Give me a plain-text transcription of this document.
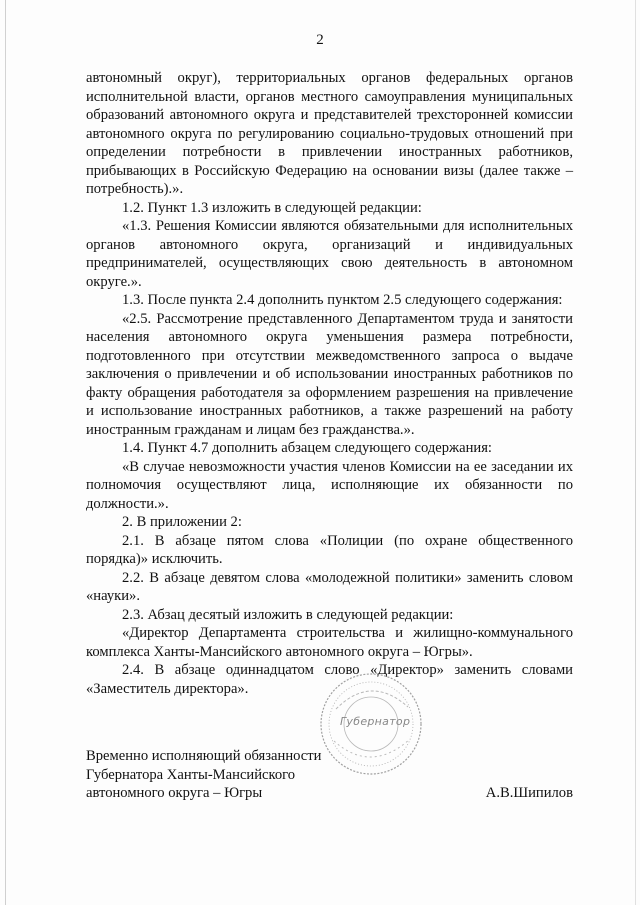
2

автономный округ), территориальных органов федеральных органов исполнительной власти, органов местного самоуправления муниципальных образований автономного округа и представителей трехсторонней комиссии автономного округа по регулированию социально-трудовых отношений при определении потребности в привлечении иностранных работников, прибывающих в Российскую Федерацию на основании визы (далее также – потребность).».

1.2. Пункт 1.3 изложить в следующей редакции:

«1.3. Решения Комиссии являются обязательными для исполнительных органов автономного округа, организаций и индивидуальных предпринимателей, осуществляющих свою деятельность в автономном округе.».

1.3. После пункта 2.4 дополнить пунктом 2.5 следующего содержания:

«2.5. Рассмотрение представленного Департаментом труда и занятости населения автономного округа уменьшения размера потребности, подготовленного при отсутствии межведомственного запроса о выдаче заключения о привлечении и об использовании иностранных работников по факту обращения работодателя за оформлением разрешения на привлечение и использование иностранных работников, а также разрешений на работу иностранным гражданам и лицам без гражданства.».

1.4. Пункт 4.7 дополнить абзацем следующего содержания:

«В случае невозможности участия членов Комиссии на ее заседании их полномочия осуществляют лица, исполняющие их обязанности по должности.».

2. В приложении 2:

2.1. В абзаце пятом слова «Полиции (по охране общественного порядка)» исключить.

2.2. В абзаце девятом слова «молодежной политики» заменить словом «науки».

2.3. Абзац десятый изложить в следующей редакции:

«Директор Департамента строительства и жилищно-коммунального комплекса Ханты-Мансийского автономного округа – Югры».

2.4. В абзаце одиннадцатом слово «Директор» заменить словами «Заместитель директора».

Временно исполняющий обязанности
Губернатора Ханты-Мансийского
автономного округа – Югры
Губернатор
А.В.Шипилов
